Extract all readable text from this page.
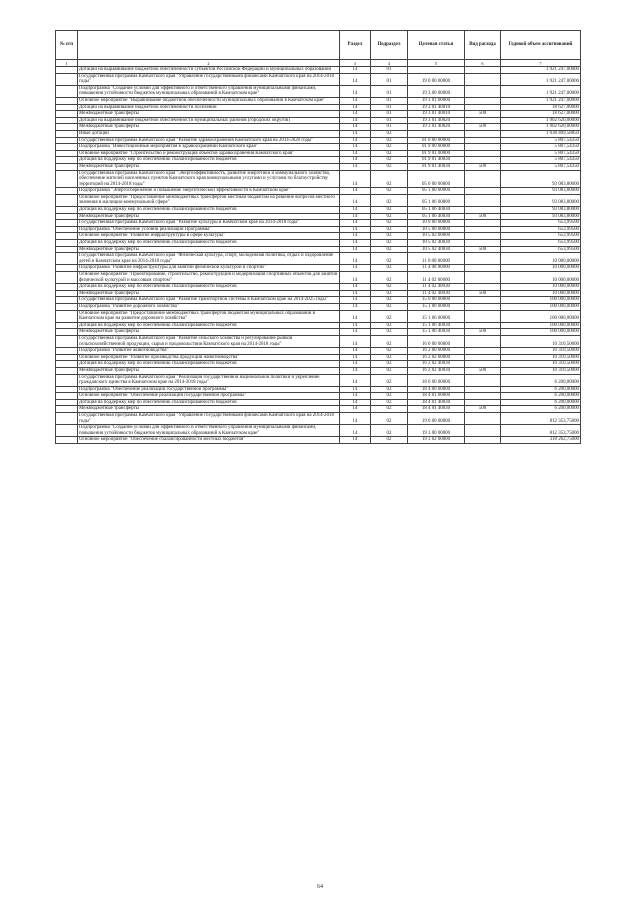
№ п/п		Раздел	Подраздел	Целевая статья	Вид расхода	Годовой объем ассигнований
1	2	3	4	5	6	7
	Дотации на выравнивание бюджетной обеспеченности субъектов Российской Федерации и муниципальных образований	14	01			1 921 247,00000
	Государственная программа Камчатского края "Управление государственными финансами Камчатского края на 2014-2018 годы"	14	01	19 0 00 00000		1 921 247,00000
	Подпрограмма "Создание условий для эффективного и ответственного управления муниципальными финансами, повышения устойчивости бюджетов муниципальных образований в Камчатском крае"	14	01	19 3 00 00000		1 921 247,00000
	Основное мероприятие "Выравнивание бюджетной обеспеченности муниципальных образований в Камчатском крае"	14	01	19 3 01 00000		1 921 247,00000
	Дотации на выравнивание бюджетной обеспеченности поселений	14	01	19 3 01 40010		18 627,00000
	Межбюджетные трансферты	14	01	19 3 01 40010	500	18 627,00000
	Дотации на выравнивание бюджетной обеспеченности муниципальных районов (городских округов)	14	01	19 3 01 40020		1 902 620,00000
	Межбюджетные трансферты	14	01	19 3 01 40020	500	1 902 620,00000
	Иные дотации	14	02			1 038 409,58850
	Государственная программа Камчатского края "Развитие здравоохранения Камчатского края на 2014-2020 годы"	14	02	01 0 00 00000		5 807,54350
	Подпрограмма "Инвестиционные мероприятия в здравоохранении Камчатского края"	14	02	01 9 00 00000		5 807,54350
	Основное мероприятие "Строительство и реконструкция объектов здравоохранения Камчатского края"	14	02	01 9 01 00000		5 807,54350
	Дотация на поддержку мер по обеспечению сбалансированности бюджетов	14	02	01 9 01 40030		5 807,54350
	Межбюджетные трансферты	14	02	01 9 01 40030	500	5 807,54350
	Государственная программа Камчатского края "Энергоэффективность, развитие энергетики и коммунального хозяйства, обеспечение жителей населенных пунктов Камчатского края коммунальными услугами и услугами по благоустройству территорий на 2014-2018 годы"	14	02	05 0 00 00000		93 083,80000
	Подпрограмма "Энергосбережение и повышение энергетической эффективности в Камчатском крае"	14	02	05 1 00 00000		93 083,80000
	Основное мероприятие "Предоставление межбюджетных трансфертов местным бюджетам на решение вопросов местного значения в жилищно-коммунальной сфере"	14	02	05 1 06 00000		93 083,80000
	Дотация на поддержку мер по обеспечению сбалансированности бюджетов	14	02	05 1 06 40030		93 083,80000
	Межбюджетные трансферты	14	02	05 1 06 40030	500	93 083,80000
	Государственная программа Камчатского края "Развитие культуры в Камчатском крае на 2014-2018 годы"	14	02	10 0 00 00000		653,99500
	Подпрограмма "Обеспечение условий реализации Программы"	14	02	10 5 00 00000		653,99500
	Основное мероприятие "Развитие инфраструктуры в сфере культуры"	14	02	10 5 02 00000		653,99500
	Дотация на поддержку мер по обеспечению сбалансированности бюджетов	14	02	10 5 02 40030		653,99500
	Межбюджетные трансферты	14	02	10 5 02 40030	500	653,99500
	Государственная программа Камчатского края "Физическая культура, спорт, молодежная политика, отдых и оздоровление детей в Камчатском крае на 2014-2018 годы"	14	02	11 0 00 00000		10 000,00000
	Подпрограмма "Развитие инфраструктуры для занятий физической культурой и спортом"	14	02	11 4 00 00000		10 000,00000
	Основное мероприятие "Проектирование, строительство, реконструкция и модернизация спортивных объектов для занятий физической культурой и массовым спортом"	14	02	11 4 02 00000		10 000,00000
	Дотация на поддержку мер по обеспечению сбалансированности бюджетов	14	02	11 4 02 40030		10 000,00000
	Межбюджетные трансферты	14	02	11 4 02 40030	500	10 000,00000
	Государственная программа Камчатского края "Развитие транспортной системы в Камчатском крае на 2014-2025 годы"	14	02	15 0 00 00000		100 000,00000
	Подпрограмма "Развитие дорожного хозяйства"	14	02	15 1 00 00000		100 000,00000
	Основное мероприятие "Предоставление межбюджетных трансфертов бюджетам муниципальных образований в Камчатском крае на развитие дорожного хозяйства"	14	02	15 1 06 00000		100 000,00000
	Дотация на поддержку мер по обеспечению сбалансированности бюджетов	14	02	15 1 06 40030		100 000,00000
	Межбюджетные трансферты	14	02	15 1 06 40030	500	100 000,00000
	Государственная программа Камчатского края "Развитие сельского хозяйства и регулирование рынков сельскохозяйственной продукции, сырья и продовольствия Камчатского края на 2014-2018 годы"	14	02	16 0 00 00000		10 310,50000
	Подпрограмма "Развитие животноводства"	14	02	16 2 00 00000		10 310,50000
	Основное мероприятие "Развитие производства продукции животноводства"	14	02	16 2 02 00000		10 310,50000
	Дотация на поддержку мер по обеспечению сбалансированности бюджетов	14	02	16 2 02 40030		10 310,50000
	Межбюджетные трансферты	14	02	16 2 02 40030	500	10 310,50000
	Государственная программа Камчатского края "Реализация государственной национальной политики и укрепление гражданского единства в Камчатском крае на 2014-2018 годы"	14	02	18 0 00 00000		6 200,00000
	Подпрограмма "Обеспечение реализации государственной программы"	14	02	18 4 00 00000		6 200,00000
	Основное мероприятие "Обеспечение реализации государственной программы"	14	02	18 4 01 00000		6 200,00000
	Дотация на поддержку мер по обеспечению сбалансированности бюджетов	14	02	18 4 01 40030		6 200,00000
	Межбюджетные трансферты	14	02	18 4 01 40030	500	6 200,00000
	Государственная программа Камчатского края "Управление государственными финансами Камчатского края на 2014-2018 годы"	14	02	19 0 00 00000		812 353,75000
	Подпрограмма "Создание условий для эффективного и ответственного управления муниципальными финансами, повышения устойчивости бюджетов муниципальных образований в Камчатском крае"	14	02	19 3 00 00000		812 353,75000
	Основное мероприятие "Обеспечение сбалансированности местных бюджетов"	14	02	19 3 02 00000		318 262,75000
64
